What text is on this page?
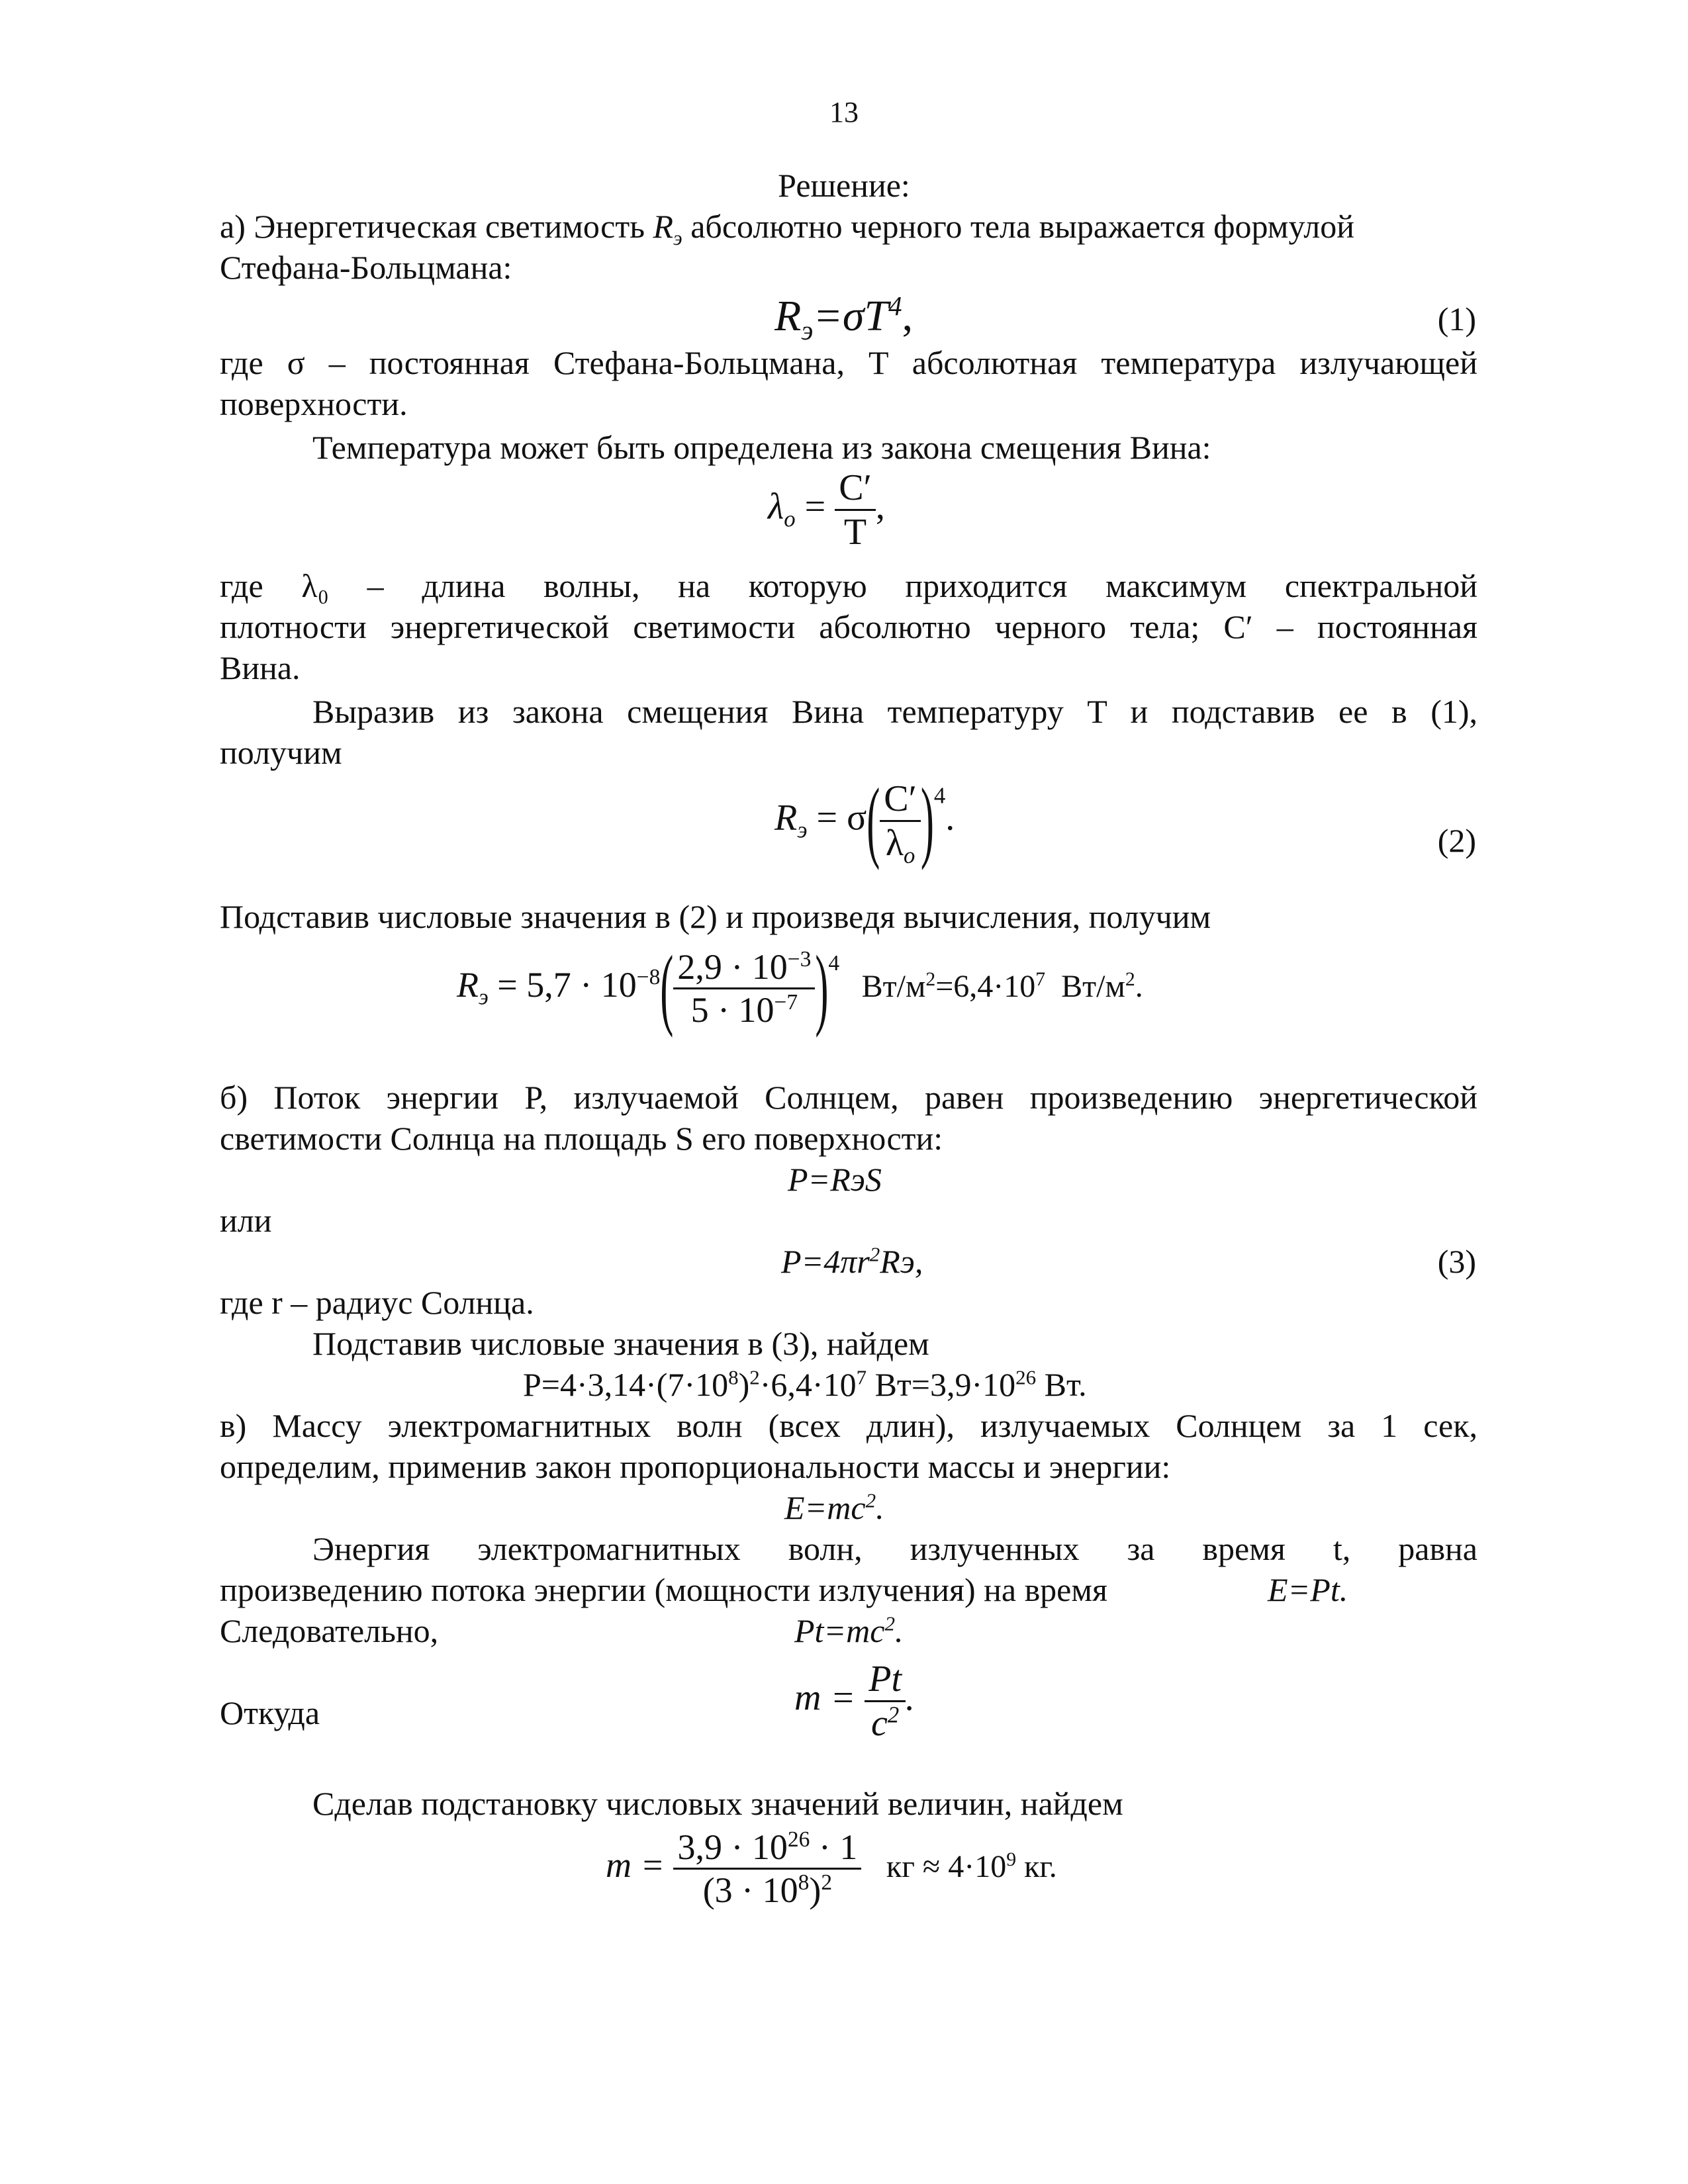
13
Решение:
а) Энергетическая светимость $R_э$ абсолютно черного тела выражается формулой
Стефана-Больцмана:
$R_э=\sigma T^4$,	(1)
где σ – постоянная Стефана-Больцмана, T абсолютная температура излучающей
поверхности.
Температура может быть определена из закона смещения Вина:
$\lambda_o = \frac{C'}{T}$ ,
где λ₀ – длина волны, на которую приходится максимум спектральной
плотности энергетической светимости абсолютно черного тела; C′ – постоянная
Вина.
Выразив из закона смещения Вина температуру T и подставив ее в (1),
получим
$R_э = \sigma( \frac{C'}{\lambda_o} )^4$.
(2)
Подставив числовые значения в (2) и произведя вычисления, получим
$R_э = 5,7 \cdot 10^{-8}( \frac{2,9 \cdot 10^{-3}}{5 \cdot 10^{-7}} )^4$ $Вт/м^2=6,4\cdot 10^7$  $Вт/м^2$.
б) Поток энергии P, излучаемой Солнцем, равен произведению энергетической
светимости Солнца на площадь S его поверхности:
P=RэS
или
$P=4\pi r^2Rэ$,	(3)
где r – радиус Солнца.
Подставив числовые значения в (3), найдем
$P=4\cdot 3,14\cdot(7\cdot 10^8)^2\cdot 6,4\cdot 10^7$ $Вт=3,9\cdot 10^{26}$ Вт.
в) Массу электромагнитных волн (всех длин), излучаемых Солнцем за 1 сек,
определим, применив закон пропорциональности массы и энергии:
$E=mc^2$.
Энергия электромагнитных волн, излученных за время t, равна
произведению потока энергии (мощности излучения) на время	E=Pt.
Следовательно,	$Pt=mc^2$.
Откуда	$m = \frac{Pt}{c^2}$ .
Сделав подстановку числовых значений величин, найдем
$m = \frac{3,9 \cdot 10^{26} \cdot 1}{(3 \cdot 10^8)^2}$ кг ≈ $4\cdot 10^9$ кг.
